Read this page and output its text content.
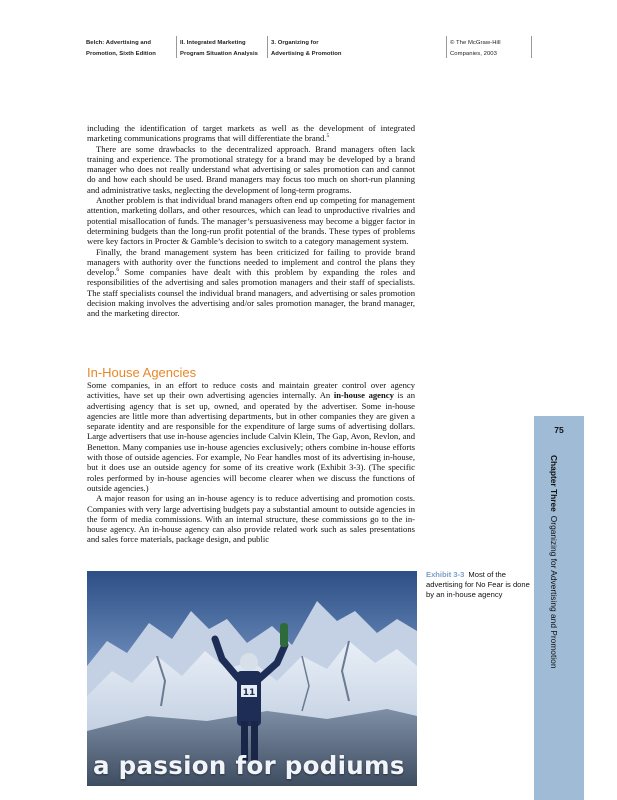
Belch: Advertising and
Promotion, Sixth Edition
II. Integrated Marketing
Program Situation Analysis
3. Organizing for
Advertising & Promotion
© The McGraw-Hill
Companies, 2003

including the identification of target markets as well as the development of integrated marketing communications programs that will differentiate the brand.$^5$

There are some drawbacks to the decentralized approach. Brand managers often lack training and experience. The promotional strategy for a brand may be developed by a brand manager who does not really understand what advertising or sales promotion can and cannot do and how each should be used. Brand managers may focus too much on short-run planning and administrative tasks, neglecting the development of long-term programs.

Another problem is that individual brand managers often end up competing for management attention, marketing dollars, and other resources, which can lead to unproductive rivalries and potential misallocation of funds. The manager’s persuasiveness may become a bigger factor in determining budgets than the long-run profit potential of the brands. These types of problems were key factors in Procter & Gamble’s decision to switch to a category management system.

Finally, the brand management system has been criticized for failing to provide brand managers with authority over the functions needed to implement and control the plans they develop.$^6$ Some companies have dealt with this problem by expanding the roles and responsibilities of the advertising and sales promotion managers and their staff of specialists. The staff specialists counsel the individual brand managers, and advertising or sales promotion decision making involves the advertising and/or sales promotion manager, the brand manager, and the marketing director.

In-House Agencies

Some companies, in an effort to reduce costs and maintain greater control over agency activities, have set up their own advertising agencies internally. An in-house agency is an advertising agency that is set up, owned, and operated by the advertiser. Some in-house agencies are little more than advertising departments, but in other companies they are given a separate identity and are responsible for the expenditure of large sums of advertising dollars. Large advertisers that use in-house agencies include Calvin Klein, The Gap, Avon, Revlon, and Benetton. Many companies use in-house agencies exclusively; others combine in-house efforts with those of outside agencies. For example, No Fear handles most of its advertising in-house, but it does use an outside agency for some of its creative work (Exhibit 3-3). (The specific roles performed by in-house agencies will become clearer when we discuss the functions of outside agencies.)

A major reason for using an in-house agency is to reduce advertising and promotion costs. Companies with very large advertising budgets pay a substantial amount to outside agencies in the form of media commissions. With an internal structure, these commissions go to the in-house agency. An in-house agency can also provide related work such as sales presentations and sales force materials, package design, and public

75
Chapter ThreeOrganizing for Advertising and Promotion
Exhibit 3-3 Most of the advertising for No Fear is done by an in-house agency
11
a passion for podiums
